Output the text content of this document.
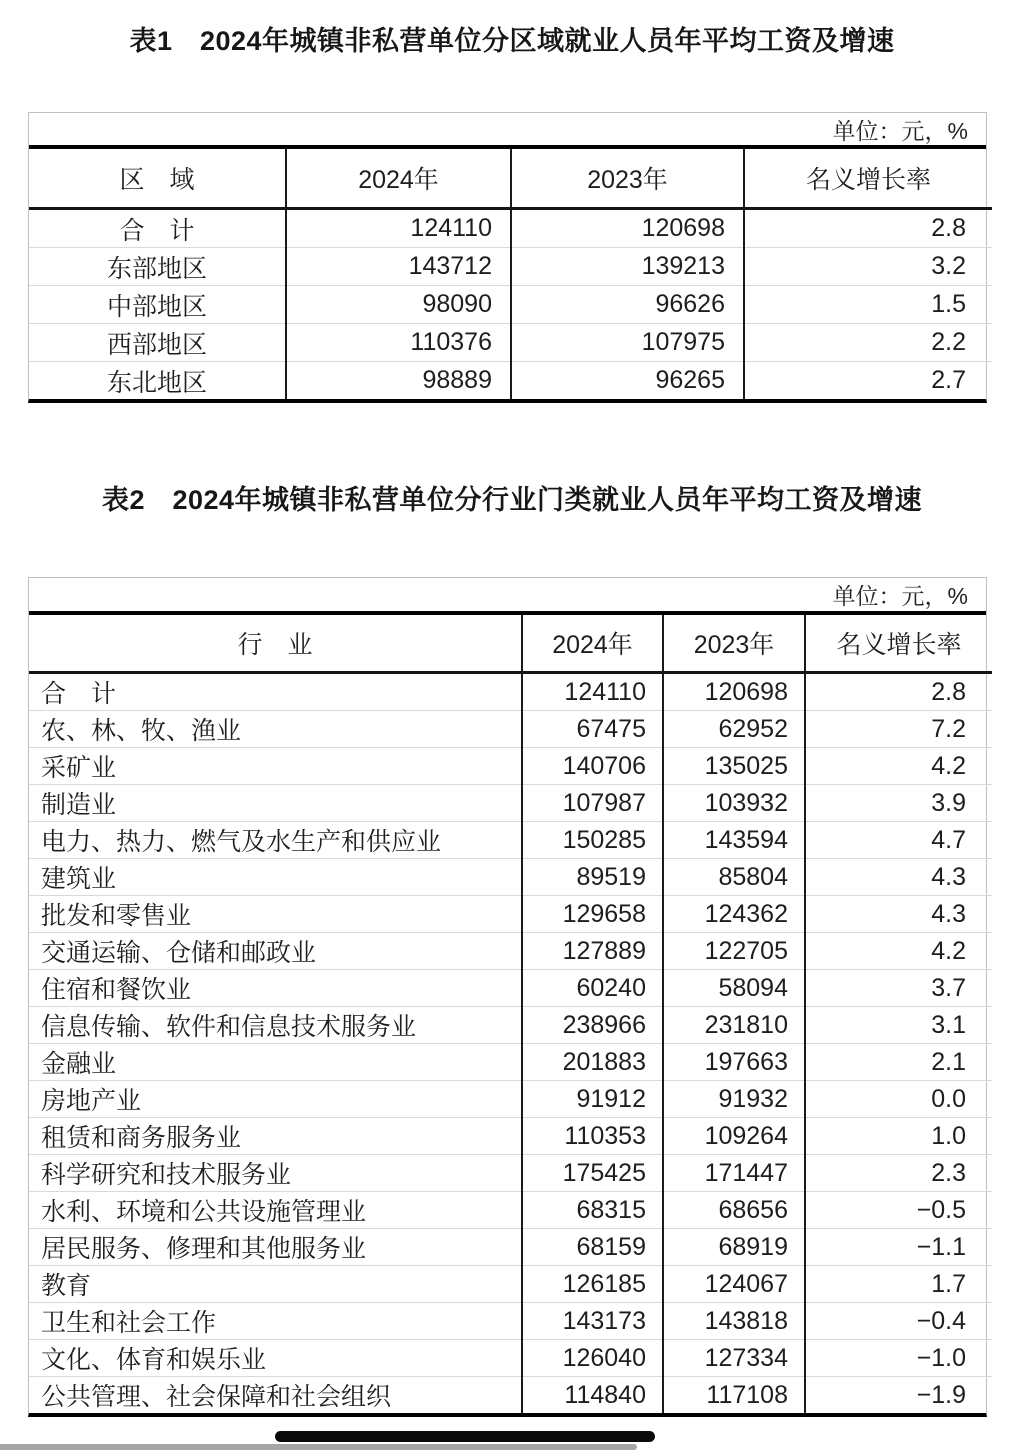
表1　2024年城镇非私营单位分区域就业人员年平均工资及增速
单位：元，%
区　域	2024年	2023年	名义增长率
合　计	124110	120698	2.8
东部地区	143712	139213	3.2
中部地区	98090	96626	1.5
西部地区	110376	107975	2.2
东北地区	98889	96265	2.7
表2　2024年城镇非私营单位分行业门类就业人员年平均工资及增速
单位：元，%
行　业	2024年	2023年	名义增长率
合　计	124110	120698	2.8
农、林、牧、渔业	67475	62952	7.2
采矿业	140706	135025	4.2
制造业	107987	103932	3.9
电力、热力、燃气及水生产和供应业	150285	143594	4.7
建筑业	89519	85804	4.3
批发和零售业	129658	124362	4.3
交通运输、仓储和邮政业	127889	122705	4.2
住宿和餐饮业	60240	58094	3.7
信息传输、软件和信息技术服务业	238966	231810	3.1
金融业	201883	197663	2.1
房地产业	91912	91932	0.0
租赁和商务服务业	110353	109264	1.0
科学研究和技术服务业	175425	171447	2.3
水利、环境和公共设施管理业	68315	68656	−0.5
居民服务、修理和其他服务业	68159	68919	−1.1
教育	126185	124067	1.7
卫生和社会工作	143173	143818	−0.4
文化、体育和娱乐业	126040	127334	−1.0
公共管理、社会保障和社会组织	114840	117108	−1.9
